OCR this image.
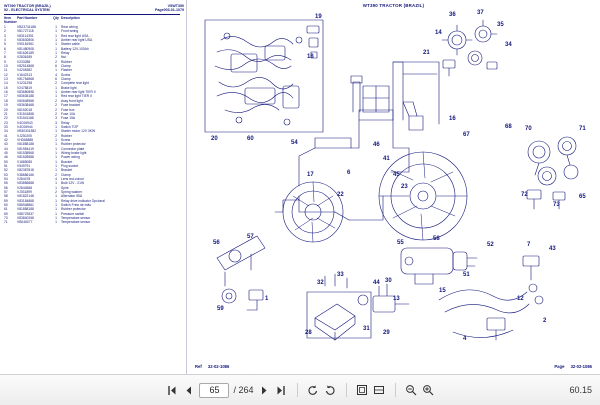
WT390 TRACTOR (BRAZIL)
92 - ELECTRICAL SYSTEM
VSWT390
Page003-01-1079
Item Number
Part Number	Qty Description
1	VB23741188	1	Rear wiring
2	V81727118	1	Front wiring
3	V83114391	1	Red rear light USA
4	V83630806	1	Amber rear light USA
5	V90181961	1	Starter cable
6	V81480908	1	Battery 12V-100Ah
7	V81626189	1	Relay
8	V2836189	2	Nut
9	V233288	2	Rubber
10	V82514868	6	Clamp
11	V4206382	1	Flasher
12	V1642313	4	Screw
13	V81754868	6	Clamp
14	V1231298	2	Complete rear light
15	V2478819	1	Brake light
16	V83680898	1	Amber rear light TIER II
17	V83635188	1	Red rear light TIER II
18	V60648968	2	Assy front light
19	V83638468	2	Fuse bracket
20	V8152018	2	Fuse box
21	V31541868	2	Fuse 10A
22	V31541188	3	Fuse 15A
23	V4C06943	3	Relay
33	V4C06944	1	Switch TOP
34	VB30331552	1	Starter motor 12V 3KW
41	VJ230205	2	Rubber
42	VHD68885	1	Screw
43	V81858188	1	Rubber protector
44	V81954419	1	Connector plate
45	V81538968	1	Wiring brake light
46	V81528988	1	Power wiring
50	V1685085	1	Bracket
51	V549791	1	Plug socket
52	V82387818	1	Bracket
53	V38686166	2	Clamp
54	V284478	4	Lens red-colour
55	V83856888	1	Bulb 12V - 21W
56	V2844568	1	Spire
57	VJ031899	2	Spring washer
58	V81822148	1	Alternator 55A
59	V83184868	1	Relay drive indicator Opcional
60	V86948861	1	Switch Freio de mão
61	V81858188	1	Rubber protector
69	V88723537	1	Pressure switch
70	V83840268	1	Temperature sensor
71	VB046077	1	Temperature sensor
WT390 TRACTOR (BRAZIL)
36	37
35
34
14
21
19
18
20	60
54	46
41
45
23
6
22
17
16
67
68 70	71
72
73
65
55
58
51
52	7
43
30
13
44
32
33
31
29
28
56
57
59
1
15
12
2
4
Ref 32-02-1086	Page 32-02-1086
65	/ 264	60.15
